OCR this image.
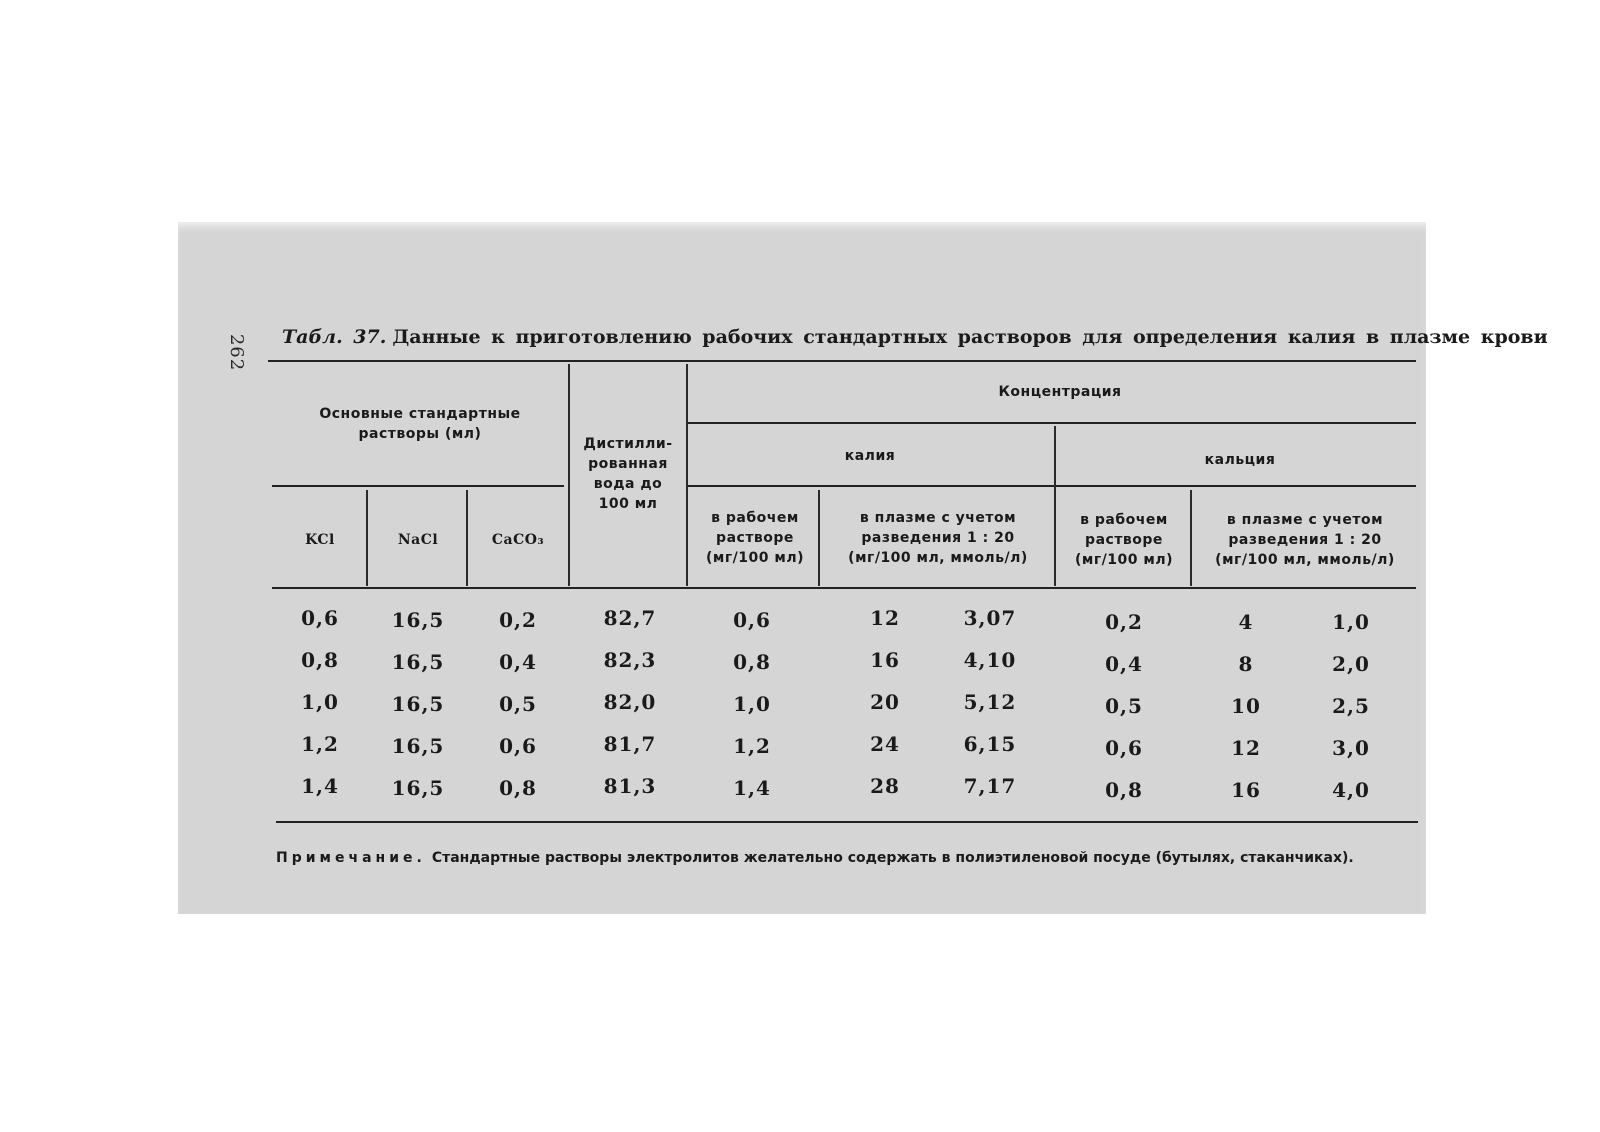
262 Табл. 37. Данные к приготовлению рабочих стандартных растворов для определения калия в плазме крови
Основные стандартные растворы (мл)
Дистилли-рованная вода до 100 мл
Концентрация
калия	кальция
KCl	NaCl	CaCO₃
в рабочем растворе (мг/100 мл)
в плазме с учетом разведения 1 : 20 (мг/100 мл, ммоль/л)
в рабочем растворе (мг/100 мл)
в плазме с учетом разведения 1 : 20 (мг/100 мл, ммоль/л)
0,6	16,5	0,2	82,7	0,6	12	3,07	0,2	4	1,0
0,8	16,5	0,4	82,3	0,8	16	4,10	0,4	8	2,0
1,0	16,5	0,5	82,0	1,0	20	5,12	0,5	10	2,5
1,2	16,5	0,6	81,7	1,2	24	6,15	0,6	12	3,0
1,4	16,5	0,8	81,3	1,4	28	7,17	0,8	16	4,0
Примечание. Стандартные растворы электролитов желательно содержать в полиэтиленовой посуде (бутылях, стаканчиках).
